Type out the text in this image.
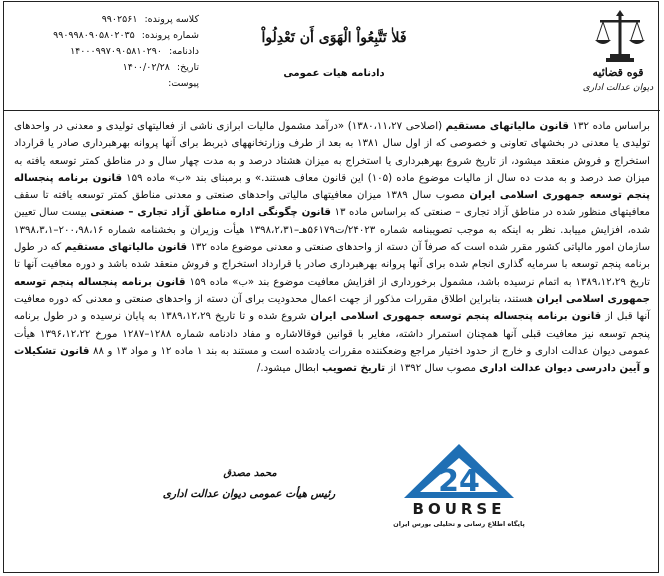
قوه قضائیه
دیوان عدالت اداری
فَلاٰ تَتَّبِعُواْ الْهَوَى أَن تَعْدِلُواْ
دادنامه هیات عمومی
کلاسه پرونده: ۹۹۰۲۵۶۱
شماره پرونده: ۹۹۰۹۹۸۰۹۰۵۸۰۲۰۳۵
دادنامه: ۱۴۰۰۰۹۹۷۰۹۰۵۸۱۰۲۹۰
تاریخ: ۱۴۰۰/۰۲/۲۸
پیوست:
براساس ماده ۱۳۲ قانون مالیاتهای مستقیم (اصلاحی ۱۳۸۰،۱۱،۲۷) «درآمد مشمول مالیات ابرازی ناشی از فعالیتهای تولیدی و معدنی در واحدهای تولیدی یا معدنی در بخشهای تعاونی و خصوصی که از اول سال ۱۳۸۱ به بعد از طرف وزارتخانههای ذیربط برای آنها پروانه بهرهبرداری صادر یا قرارداد استخراج و فروش منعقد میشود، از تاریخ شروع بهرهبرداری یا استخراج به میزان هشتاد درصد و به مدت چهار سال و در مناطق کمتر توسعه یافته به میزان صد درصد و به مدت ده سال از مالیات موضوع ماده (۱۰۵) این قانون معاف هستند.» و برمبنای بند «ب» ماده ۱۵۹ قانون برنامه پنجساله پنجم توسعه جمهوری اسلامی ایران مصوب سال ۱۳۸۹ میزان معافیتهای مالیاتی واحدهای صنعتی و معدنی مناطق کمتر توسعه یافته تا سقف معافیتهای منظور شده در مناطق آزاد تجاری – صنعتی که براساس ماده ۱۳ قانون چگونگی اداره مناطق آزاد تجاری – صنعتی بیست سال تعیین شده، افزایش مییابد. نظر به اینکه به موجب تصویبنامه شماره ۲۴۰۲۳/ت۵۶۱۷۹هـ–۱۳۹۸،۲،۳۱ هیأت وزیران و بخشنامه شماره ۲۰۰،۹۸،۱۶–۱۳۹۸،۳،۱ سازمان امور مالیاتی کشور مقرر شده است که صرفاً آن دسته از واحدهای صنعتی و معدنی موضوع ماده ۱۳۲ قانون مالیاتهای مستقیم که در طول برنامه پنجم توسعه با سرمایه گذاری انجام شده برای آنها پروانه بهرهبرداری صادر یا قرارداد استخراج و فروش منعقد شده باشد و دوره معافیت آنها تا تاریخ ۱۳۸۹،۱۲،۲۹ به اتمام نرسیده باشد، مشمول برخورداری از افزایش معافیت موضوع بند «ب» ماده ۱۵۹ قانون برنامه پنجساله پنجم توسعه جمهوری اسلامی ایران هستند، بنابراین اطلاق مقررات مذکور از جهت اعمال محدودیت برای آن دسته از واحدهای صنعتی و معدنی که دوره معافیت آنها قبل از قانون برنامه پنجساله پنجم توسعه جمهوری اسلامی ایران شروع شده و تا تاریخ ۱۳۸۹،۱۲،۲۹ به پایان نرسیده و در طول برنامه پنجم توسعه نیز معافیت قبلی آنها همچنان استمرار داشته، مغایر با قوانین فوقالاشاره و مفاد دادنامه شماره ۱۲۸۸–۱۲۸۷ مورخ ۱۳۹۶،۱۲،۲۲ هیأت عمومی دیوان عدالت اداری و خارج از حدود اختیار مراجع وضعکننده مقررات یادشده است و مستند به بند ۱ ماده ۱۲ و مواد ۱۳ و ۸۸ قانون تشکیلات و آیین دادرسی دیوان عدالت اداری مصوب سال ۱۳۹۲ از تاریخ تصویب ابطال میشود./
محمد مصدق
رئیس هیأت عمومی دیوان عدالت اداری	24
BOURSE
پایگاه اطلاع رسانی و تحلیلی بورس ایران
